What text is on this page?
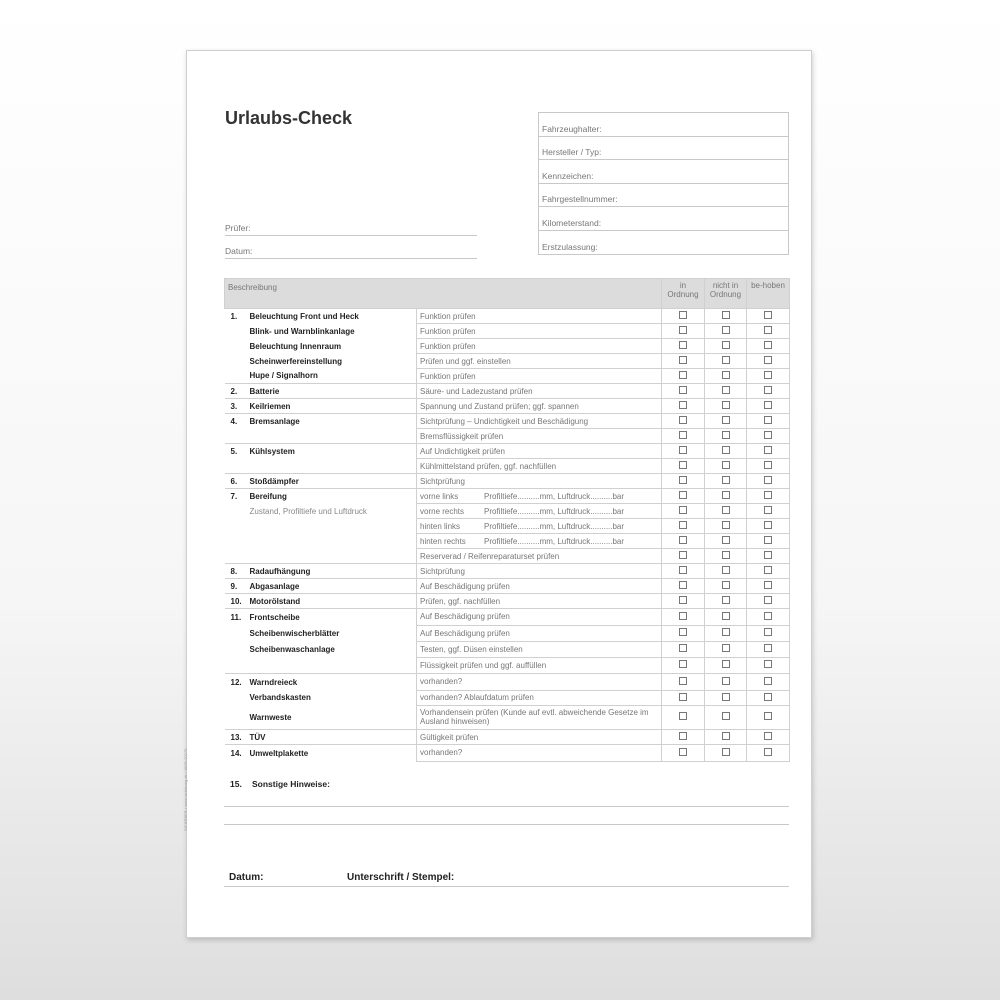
Urlaubs-Check
Prüfer:
Datum:
Fahrzeughalter:
Hersteller / Typ:
Kennzeichen:
Fahrgestellnummer:
Kilometerstand:
Erstzulassung:
Beschreibung			in Ordnung	nicht in Ordnung	be-hoben
1.	Beleuchtung Front und Heck	Funktion prüfen			
	Blink- und Warnblinkanlage	Funktion prüfen			
	Beleuchtung Innenraum	Funktion prüfen			
	Scheinwerfereinstellung	Prüfen und ggf. einstellen			
	Hupe / Signalhorn	Funktion prüfen			
2.	Batterie	Säure- und Ladezustand prüfen			
3.	Keilriemen	Spannung und Zustand prüfen; ggf. spannen			
4.	Bremsanlage	Sichtprüfung – Undichtigkeit und Beschädigung			
		Bremsflüssigkeit prüfen			
5.	Kühlsystem	Auf Undichtigkeit prüfen			
		Kühlmittelstand prüfen, ggf. nachfüllen			
6.	Stoßdämpfer	Sichtprüfung			
7.	Bereifung	vorne links Profiltiefe..........mm, Luftdruck..........bar			
	Zustand, Profiltiefe und Luftdruck	vorne rechts Profiltiefe..........mm, Luftdruck..........bar			
		hinten links Profiltiefe..........mm, Luftdruck..........bar			
		hinten rechts Profiltiefe..........mm, Luftdruck..........bar			
		Reserverad / Reifenreparaturset prüfen			
8.	Radaufhängung	Sichtprüfung			
9.	Abgasanlage	Auf Beschädigung prüfen			
10.	Motorölstand	Prüfen, ggf. nachfüllen			
11.	Frontscheibe	Auf Beschädigung prüfen			
	Scheibenwischerblätter	Auf Beschädigung prüfen			
	Scheibenwaschanlage	Testen, ggf. Düsen einstellen			
		Flüssigkeit prüfen und ggf. auffüllen			
12.	Warndreieck	vorhanden?			
	Verbandskasten	vorhanden? Ablaufdatum prüfen			
	Warnweste	Vorhandensein prüfen (Kunde auf evtl. abweichende Gesetze im Ausland hinweisen)			
13.	TÜV	Gültigkeit prüfen			
14.	Umweltplakette	vorhanden?			
15. Sonstige Hinweise:
Datum:	Unterschrift / Stempel:
SICHRBER • www.sicherung.de • WGB-00170
